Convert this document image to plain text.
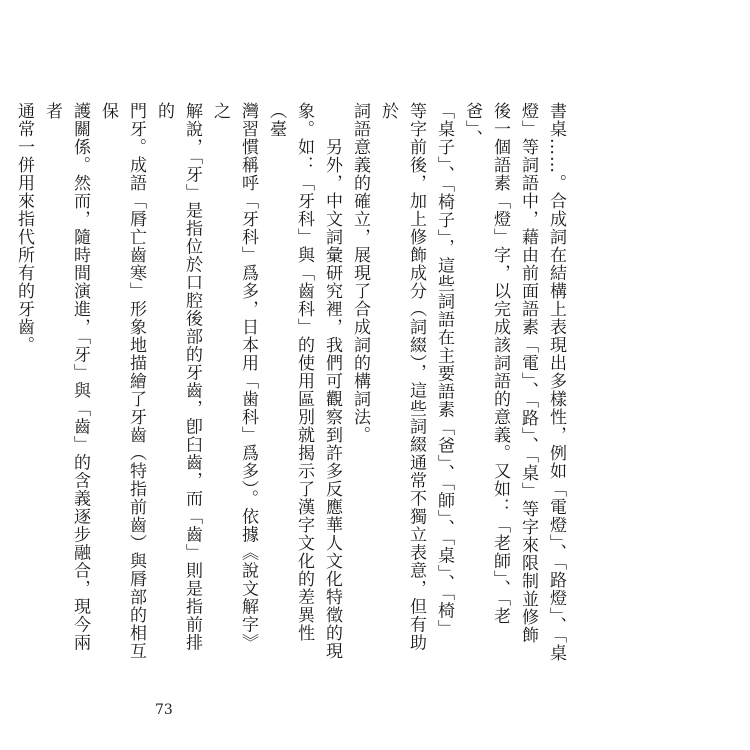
書桌……。合成詞在結構上表現出多樣性，例如「電燈」、「路燈」、「桌
燈」等詞語中，藉由前面語素「電」、「路」、「桌」等字來限制並修飾
後一個語素「燈」字，以完成該詞語的意義。又如：「老師」、「老爸」、
「桌子」、「椅子」，這些詞語在主要語素「爸」、「師」、「桌」、「椅」
等字前後，加上修飾成分（詞綴），這些詞綴通常不獨立表意，但有助於
詞語意義的確立，展現了合成詞的構詞法。
　　另外，中文詞彙研究裡，我們可觀察到許多反應華人文化特徵的現
象。如：「牙科」與「齒科」的使用區別就揭示了漢字文化的差異性（臺
灣習慣稱呼「牙科」爲多，日本用「歯科」爲多）。依據《說文解字》之
解說，「牙」是指位於口腔後部的牙齒，卽臼齒，而「齒」則是指前排的
門牙。成語「脣亡齒寒」形象地描繪了牙齒（特指前齒）與脣部的相互保
護關係。然而，隨時間演進，「牙」與「齒」的含義逐步融合，現今兩者
通常一併用來指代所有的牙齒。
73
